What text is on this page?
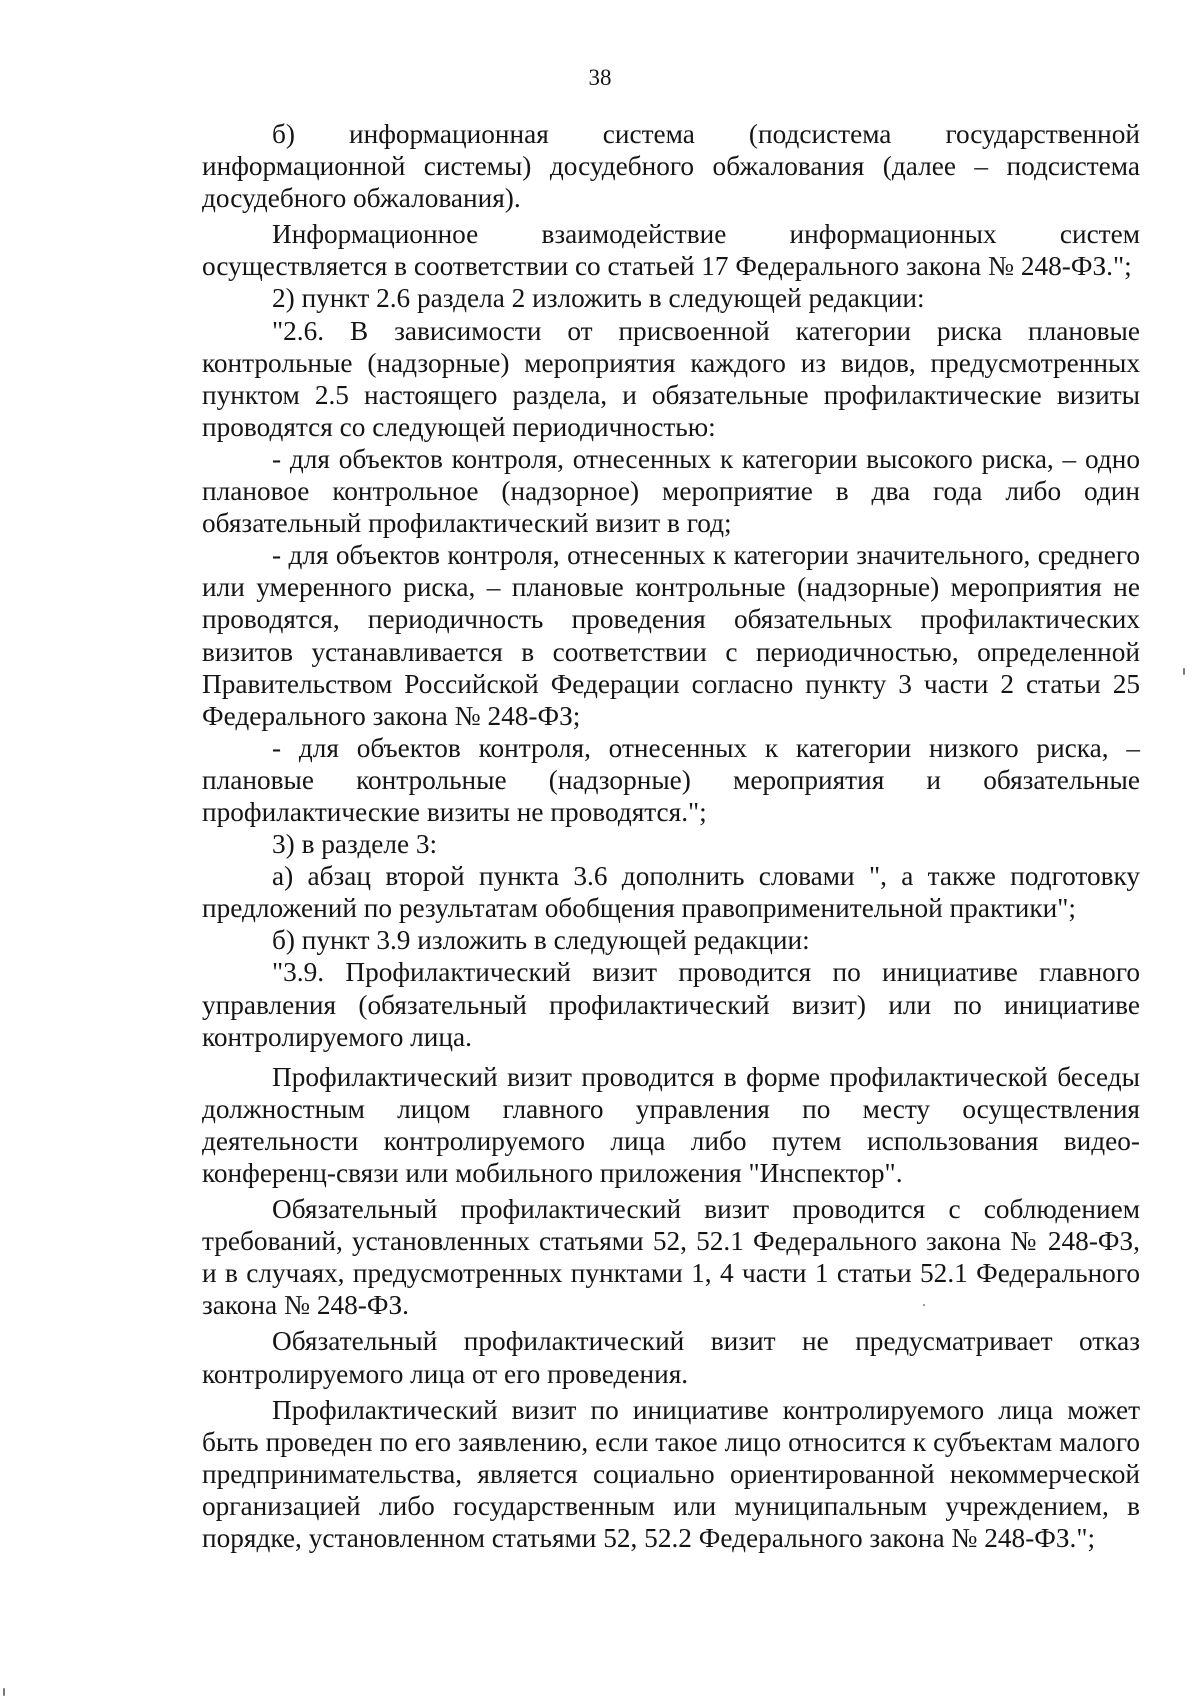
38

б) информационная система (подсистема государственной информационной системы) досудебного обжалования (далее – подсистема досудебного обжалования).

Информационное взаимодействие информационных систем осуществляется в соответствии со статьей 17 Федерального закона № 248-ФЗ.";

2) пункт 2.6 раздела 2 изложить в следующей редакции:

"2.6. В зависимости от присвоенной категории риска плановые контрольные (надзорные) мероприятия каждого из видов, предусмотренных пунктом 2.5 настоящего раздела, и обязательные профилактические визиты проводятся со следующей периодичностью:

- для объектов контроля, отнесенных к категории высокого риска, – одно плановое контрольное (надзорное) мероприятие в два года либо один обязательный профилактический визит в год;

- для объектов контроля, отнесенных к категории значительного, среднего или умеренного риска, – плановые контрольные (надзорные) мероприятия не проводятся, периодичность проведения обязательных профилактических визитов устанавливается в соответствии с периодичностью, определенной Правительством Российской Федерации согласно пункту 3 части 2 статьи 25 Федерального закона № 248-ФЗ;

- для объектов контроля, отнесенных к категории низкого риска, – плановые контрольные (надзорные) мероприятия и обязательные профилактические визиты не проводятся.";

3) в разделе 3:

а) абзац второй пункта 3.6 дополнить словами ", а также подготовку предложений по результатам обобщения правоприменительной практики";

б) пункт 3.9 изложить в следующей редакции:

"3.9. Профилактический визит проводится по инициативе главного управления (обязательный профилактический визит) или по инициативе контролируемого лица.

Профилактический визит проводится в форме профилактической беседы должностным лицом главного управления по месту осуществления деятельности контролируемого лица либо путем использования видео-конференц-связи или мобильного приложения "Инспектор".

Обязательный профилактический визит проводится с соблюдением требований, установленных статьями 52, 52.1 Федерального закона № 248-ФЗ, и в случаях, предусмотренных пунктами 1, 4 части 1 статьи 52.1 Федерального закона № 248-ФЗ.

Обязательный профилактический визит не предусматривает отказ контролируемого лица от его проведения.

Профилактический визит по инициативе контролируемого лица может быть проведен по его заявлению, если такое лицо относится к субъектам малого предпринимательства, является социально ориентированной некоммерческой организацией либо государственным или муниципальным учреждением, в порядке, установленном статьями 52, 52.2 Федерального закона № 248-ФЗ.";
